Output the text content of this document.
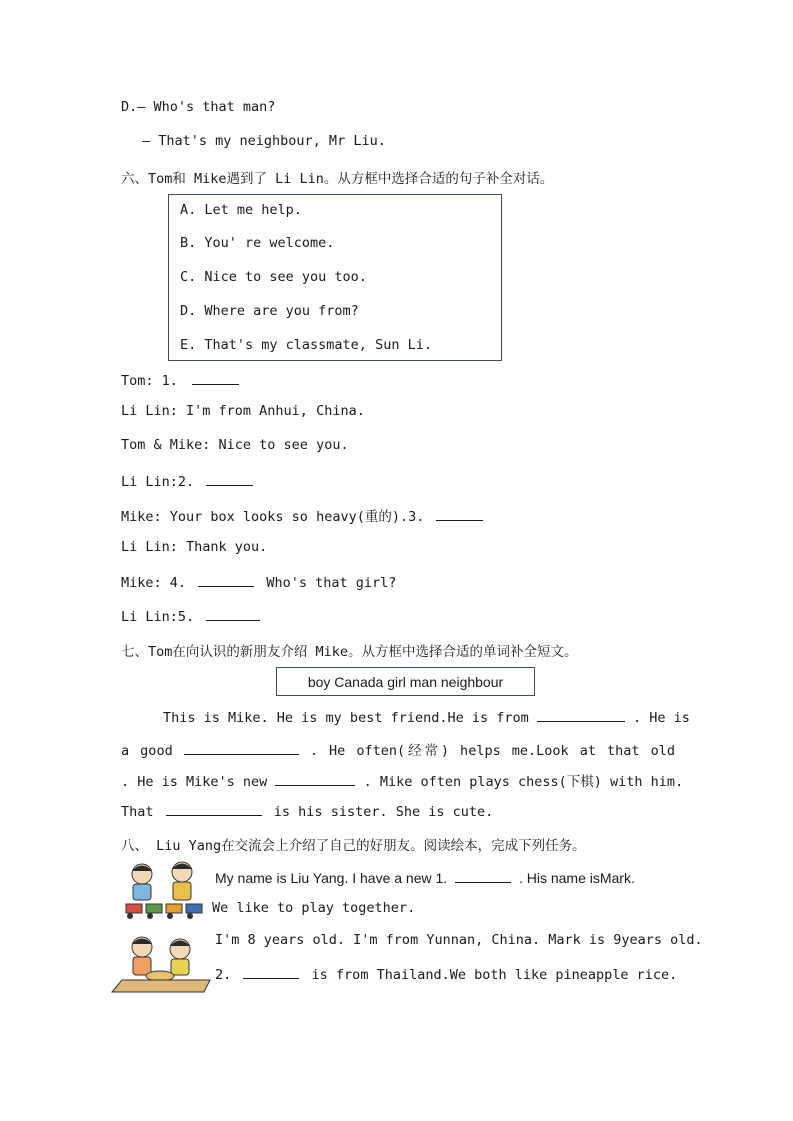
D.— Who's that man?
— That's my neighbour, Mr Liu.
六、Tom和 Mike遇到了 Li Lin。从方框中选择合适的句子补全对话。
A. Let me help.
B. You' re welcome.
C. Nice to see you too.
D. Where are you from?
E. That's my classmate, Sun Li.
Tom: 1.
Li Lin: I'm from Anhui, China.
Tom & Mike: Nice to see you.
Li Lin:2.
Mike: Your box looks so heavy(重的).3.
Li Lin: Thank you.
Mike: 4.	Who's that girl?
Li Lin:5.
七、Tom在向认识的新朋友介绍 Mike。从方框中选择合适的单词补全短文。
boy Canada girl man neighbour
This is Mike. He is my best friend.He is from	. He is
a good	. He often(经常) helps me.Look at that old
. He is Mike's new	. Mike often plays chess(下棋) with him.
That	is his sister. She is cute.
八、 Liu Yang在交流会上介绍了自己的好朋友。阅读绘本，完成下列任务。
My name is Liu Yang. I have a new 1.	. His name isMark.
We like to play together.
I'm 8 years old. I'm from Yunnan, China. Mark is 9years old.
2.	is from Thailand.We both like pineapple rice.
